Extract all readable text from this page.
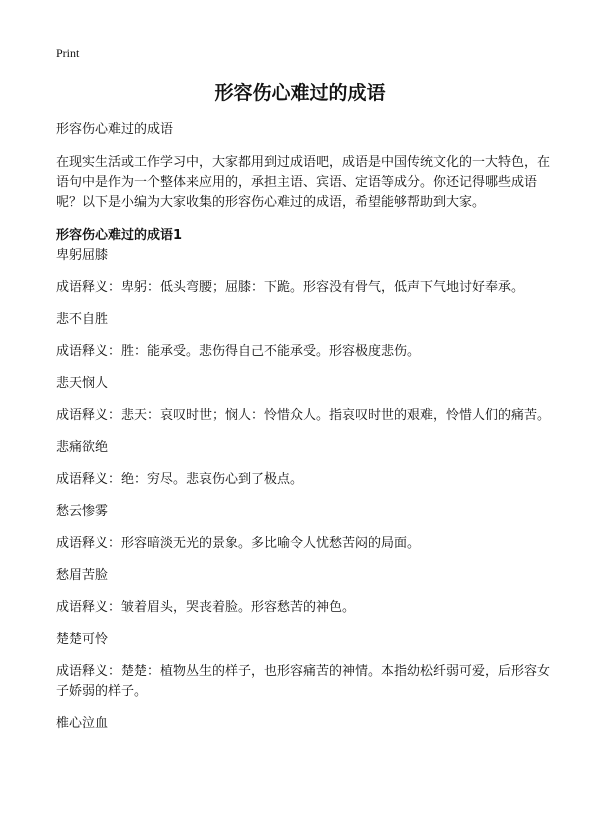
Print
形容伤心难过的成语

形容伤心难过的成语

在现实生活或工作学习中，大家都用到过成语吧，成语是中国传统文化的一大特色，在语句中是作为一个整体来应用的，承担主语、宾语、定语等成分。你还记得哪些成语呢？以下是小编为大家收集的形容伤心难过的成语，希望能够帮助到大家。

形容伤心难过的成语1

卑躬屈膝

成语释义：卑躬：低头弯腰；屈膝：下跪。形容没有骨气，低声下气地讨好奉承。

悲不自胜

成语释义：胜：能承受。悲伤得自己不能承受。形容极度悲伤。

悲天悯人

成语释义：悲天：哀叹时世；悯人：怜惜众人。指哀叹时世的艰难，怜惜人们的痛苦。

悲痛欲绝

成语释义：绝：穷尽。悲哀伤心到了极点。

愁云惨雾

成语释义：形容暗淡无光的景象。多比喻令人忧愁苦闷的局面。

愁眉苦脸

成语释义：皱着眉头，哭丧着脸。形容愁苦的神色。

楚楚可怜

成语释义：楚楚：植物丛生的样子，也形容痛苦的神情。本指幼松纤弱可爱，后形容女子娇弱的样子。

椎心泣血
